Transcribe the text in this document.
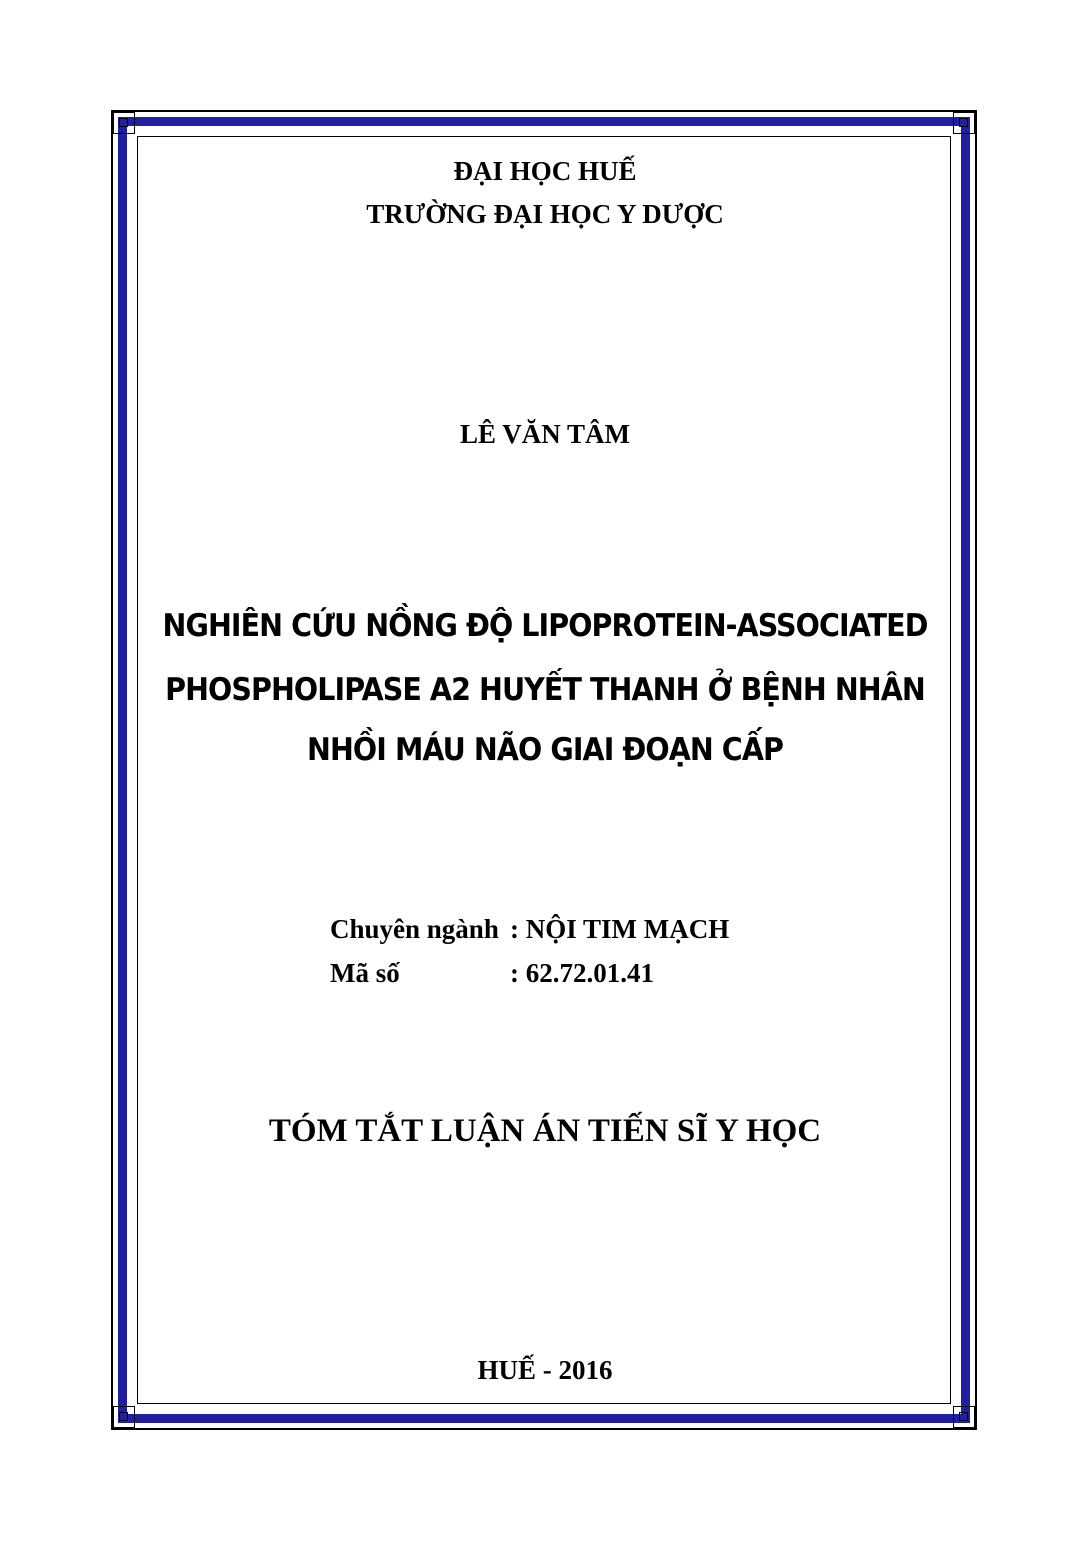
ĐẠI HỌC HUẾ
TRƯỜNG ĐẠI HỌC Y DƯỢC
LÊ VĂN TÂM
NGHIÊN CỨU NỒNG ĐỘ LIPOPROTEIN-ASSOCIATED
PHOSPHOLIPASE A2 HUYẾT THANH Ở BỆNH NHÂN
NHỒI MÁU NÃO GIAI ĐOẠN CẤP
Chuyên ngành : NỘI TIM MẠCH
Mã số	: 62.72.01.41
TÓM TẮT LUẬN ÁN TIẾN SĨ Y HỌC
HUẾ - 2016
